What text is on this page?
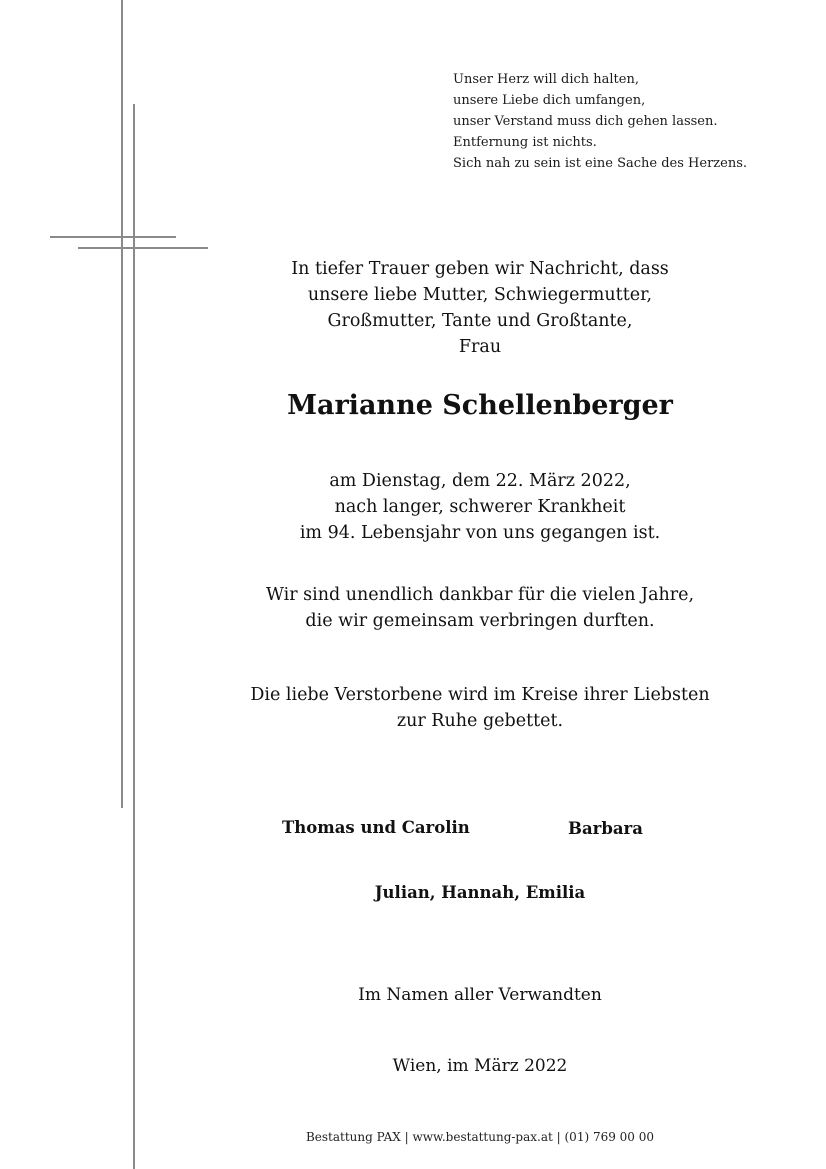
Unser Herz will dich halten,
unsere Liebe dich umfangen,
unser Verstand muss dich gehen lassen.
Entfernung ist nichts.
Sich nah zu sein ist eine Sache des Herzens.
In tiefer Trauer geben wir Nachricht, dass
unsere liebe Mutter, Schwiegermutter,
Großmutter, Tante und Großtante,
Frau
Marianne Schellenberger
am Dienstag, dem 22. März 2022,
nach langer, schwerer Krankheit
im 94. Lebensjahr von uns gegangen ist.
Wir sind unendlich dankbar für die vielen Jahre,
die wir gemeinsam verbringen durften.
Die liebe Verstorbene wird im Kreise ihrer Liebsten
zur Ruhe gebettet.
Thomas und Carolin	Barbara
Julian, Hannah, Emilia
Im Namen aller Verwandten
Wien, im März 2022
Bestattung PAX | www.bestattung-pax.at | (01) 769 00 00
